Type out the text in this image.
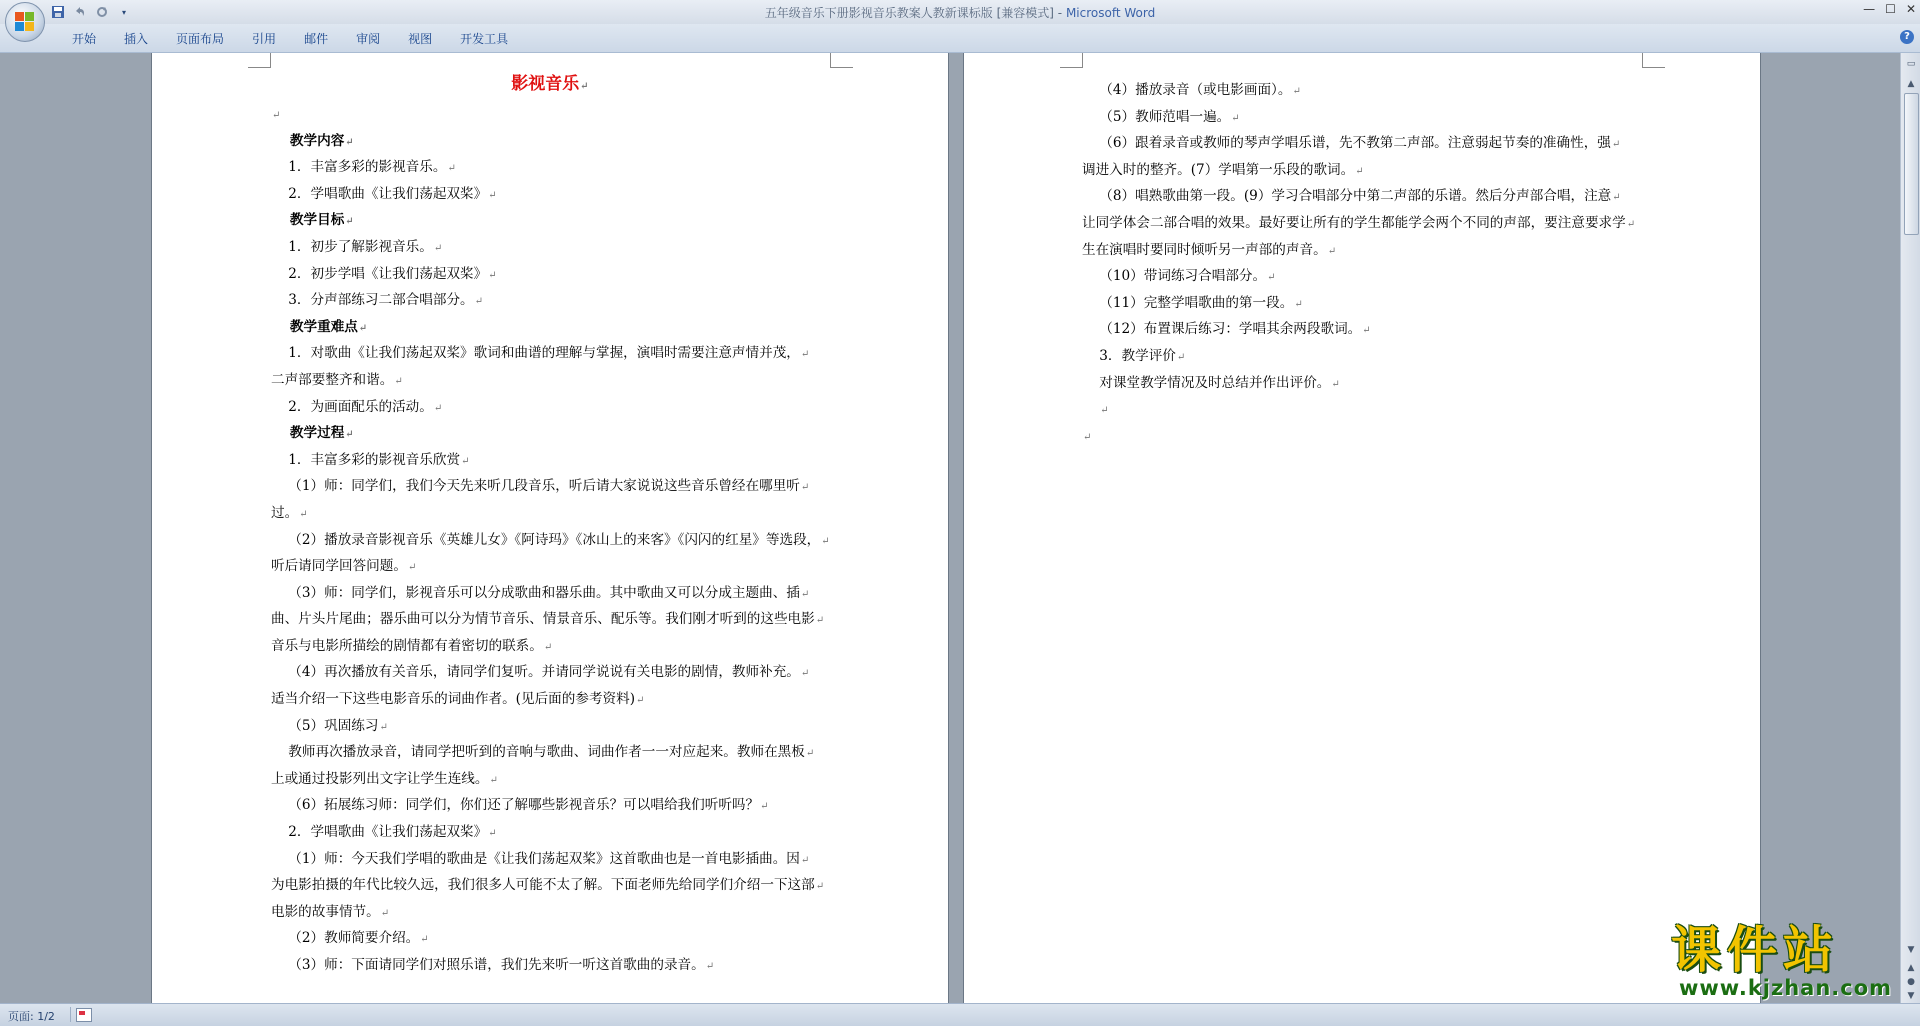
▾	五年级音乐下册影视音乐教案人教新课标版 [兼容模式] - Microsoft Word	— ☐ ✕
开始	插入	页面布局	引用	邮件	审阅	视图	开发工具	?
影视音乐↵
↵
教学内容↵
1．丰富多彩的影视音乐。↵
2．学唱歌曲《让我们荡起双桨》↵
教学目标↵
1．初步了解影视音乐。↵
2．初步学唱《让我们荡起双桨》↵
3．分声部练习二部合唱部分。↵
教学重难点↵
1．对歌曲《让我们荡起双桨》歌词和曲谱的理解与掌握，演唱时需要注意声情并茂，↵
二声部要整齐和谐。↵
2．为画面配乐的活动。↵
教学过程↵
1．丰富多彩的影视音乐欣赏↵
（1）师：同学们，我们今天先来听几段音乐，听后请大家说说这些音乐曾经在哪里听↵
过。↵
（2）播放录音影视音乐《英雄儿女》《阿诗玛》《冰山上的来客》《闪闪的红星》等选段，↵
听后请同学回答问题。↵
（3）师：同学们，影视音乐可以分成歌曲和器乐曲。其中歌曲又可以分成主题曲、插↵
曲、片头片尾曲；器乐曲可以分为情节音乐、情景音乐、配乐等。我们刚才听到的这些电影↵
音乐与电影所描绘的剧情都有着密切的联系。↵
（4）再次播放有关音乐，请同学们复听。并请同学说说有关电影的剧情，教师补充。↵
适当介绍一下这些电影音乐的词曲作者。(见后面的参考资料)↵
（5）巩固练习↵
教师再次播放录音，请同学把听到的音响与歌曲、词曲作者一一对应起来。教师在黑板↵
上或通过投影列出文字让学生连线。↵
（6）拓展练习师：同学们，你们还了解哪些影视音乐？可以唱给我们听听吗？↵
2．学唱歌曲《让我们荡起双桨》↵
（1）师：今天我们学唱的歌曲是《让我们荡起双桨》这首歌曲也是一首电影插曲。因↵
为电影拍摄的年代比较久远，我们很多人可能不太了解。下面老师先给同学们介绍一下这部↵
电影的故事情节。↵
（2）教师简要介绍。↵
（3）师：下面请同学们对照乐谱，我们先来听一听这首歌曲的录音。↵
（4）播放录音（或电影画面）。↵
（5）教师范唱一遍。↵
（6）跟着录音或教师的琴声学唱乐谱，先不教第二声部。注意弱起节奏的准确性，强↵
调进入时的整齐。(7）学唱第一乐段的歌词。↵
（8）唱熟歌曲第一段。(9）学习合唱部分中第二声部的乐谱。然后分声部合唱，注意↵
让同学体会二部合唱的效果。最好要让所有的学生都能学会两个不同的声部，要注意要求学↵
生在演唱时要同时倾听另一声部的声音。↵
（10）带词练习合唱部分。↵
（11）完整学唱歌曲的第一段。↵
（12）布置课后练习：学唱其余两段歌词。↵
3．教学评价↵
对课堂教学情况及时总结并作出评价。↵
↵
↵
▭
▲
▼
▲
●
▼
页面: 1/2
课件站
www.kjzhan.com
